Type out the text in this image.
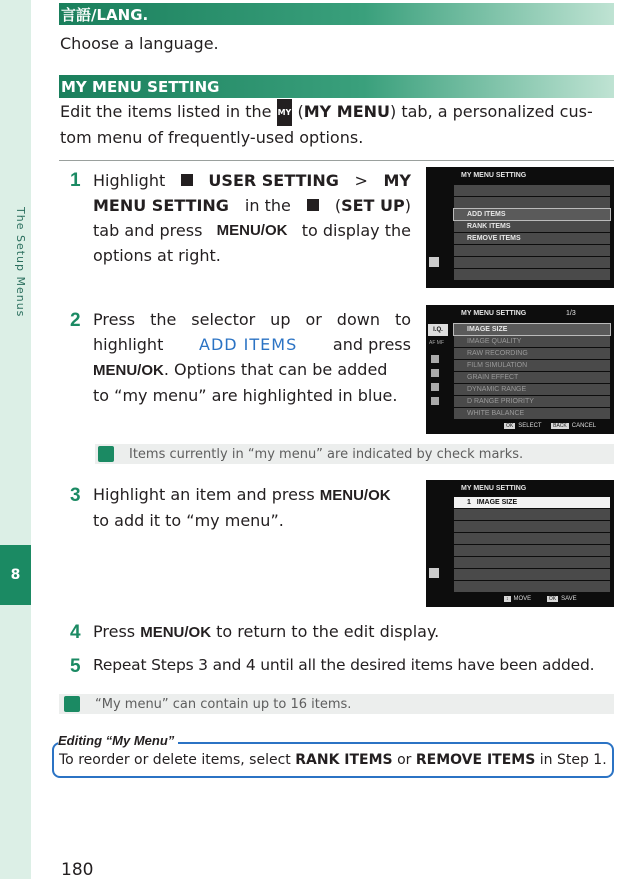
The Setup Menus
8
言語/LANG.
Choose a language.
MY MENU SETTING
Edit the items listed in the MY (MY MENU) tab, a personalized cus-
tom menu of frequently-used options.
1 Highlight	USER SETTING > MY
MENU SETTING in the	(SET UP)
tab and press MENU/OK to display the
options at right.
MY MENU SETTING
ADD ITEMS
RANK ITEMS
REMOVE ITEMS
2 Press the selector up or down to
highlight ADD ITEMS and press
MENU/OK. Options that can be added
to “my menu” are highlighted in blue.
MY MENU SETTING	1/3
I.Q.
AF MF
IMAGE SIZE
IMAGE QUALITY
RAW RECORDING
FILM SIMULATION
GRAIN EFFECT
DYNAMIC RANGE
D RANGE PRIORITY
WHITE BALANCE
OK SELECT BACK CANCEL
Items currently in “my menu” are indicated by check marks.
3 Highlight an item and press MENU/OK
to add it to “my menu”.
MY MENU SETTING
1 IMAGE SIZE
↕ MOVE	OK SAVE
4 Press MENU/OK to return to the edit display.
5 Repeat Steps 3 and 4 until all the desired items have been added.
“My menu” can contain up to 16 items.
Editing “My Menu”
To reorder or delete items, select RANK ITEMS or REMOVE ITEMS in Step 1.
180
